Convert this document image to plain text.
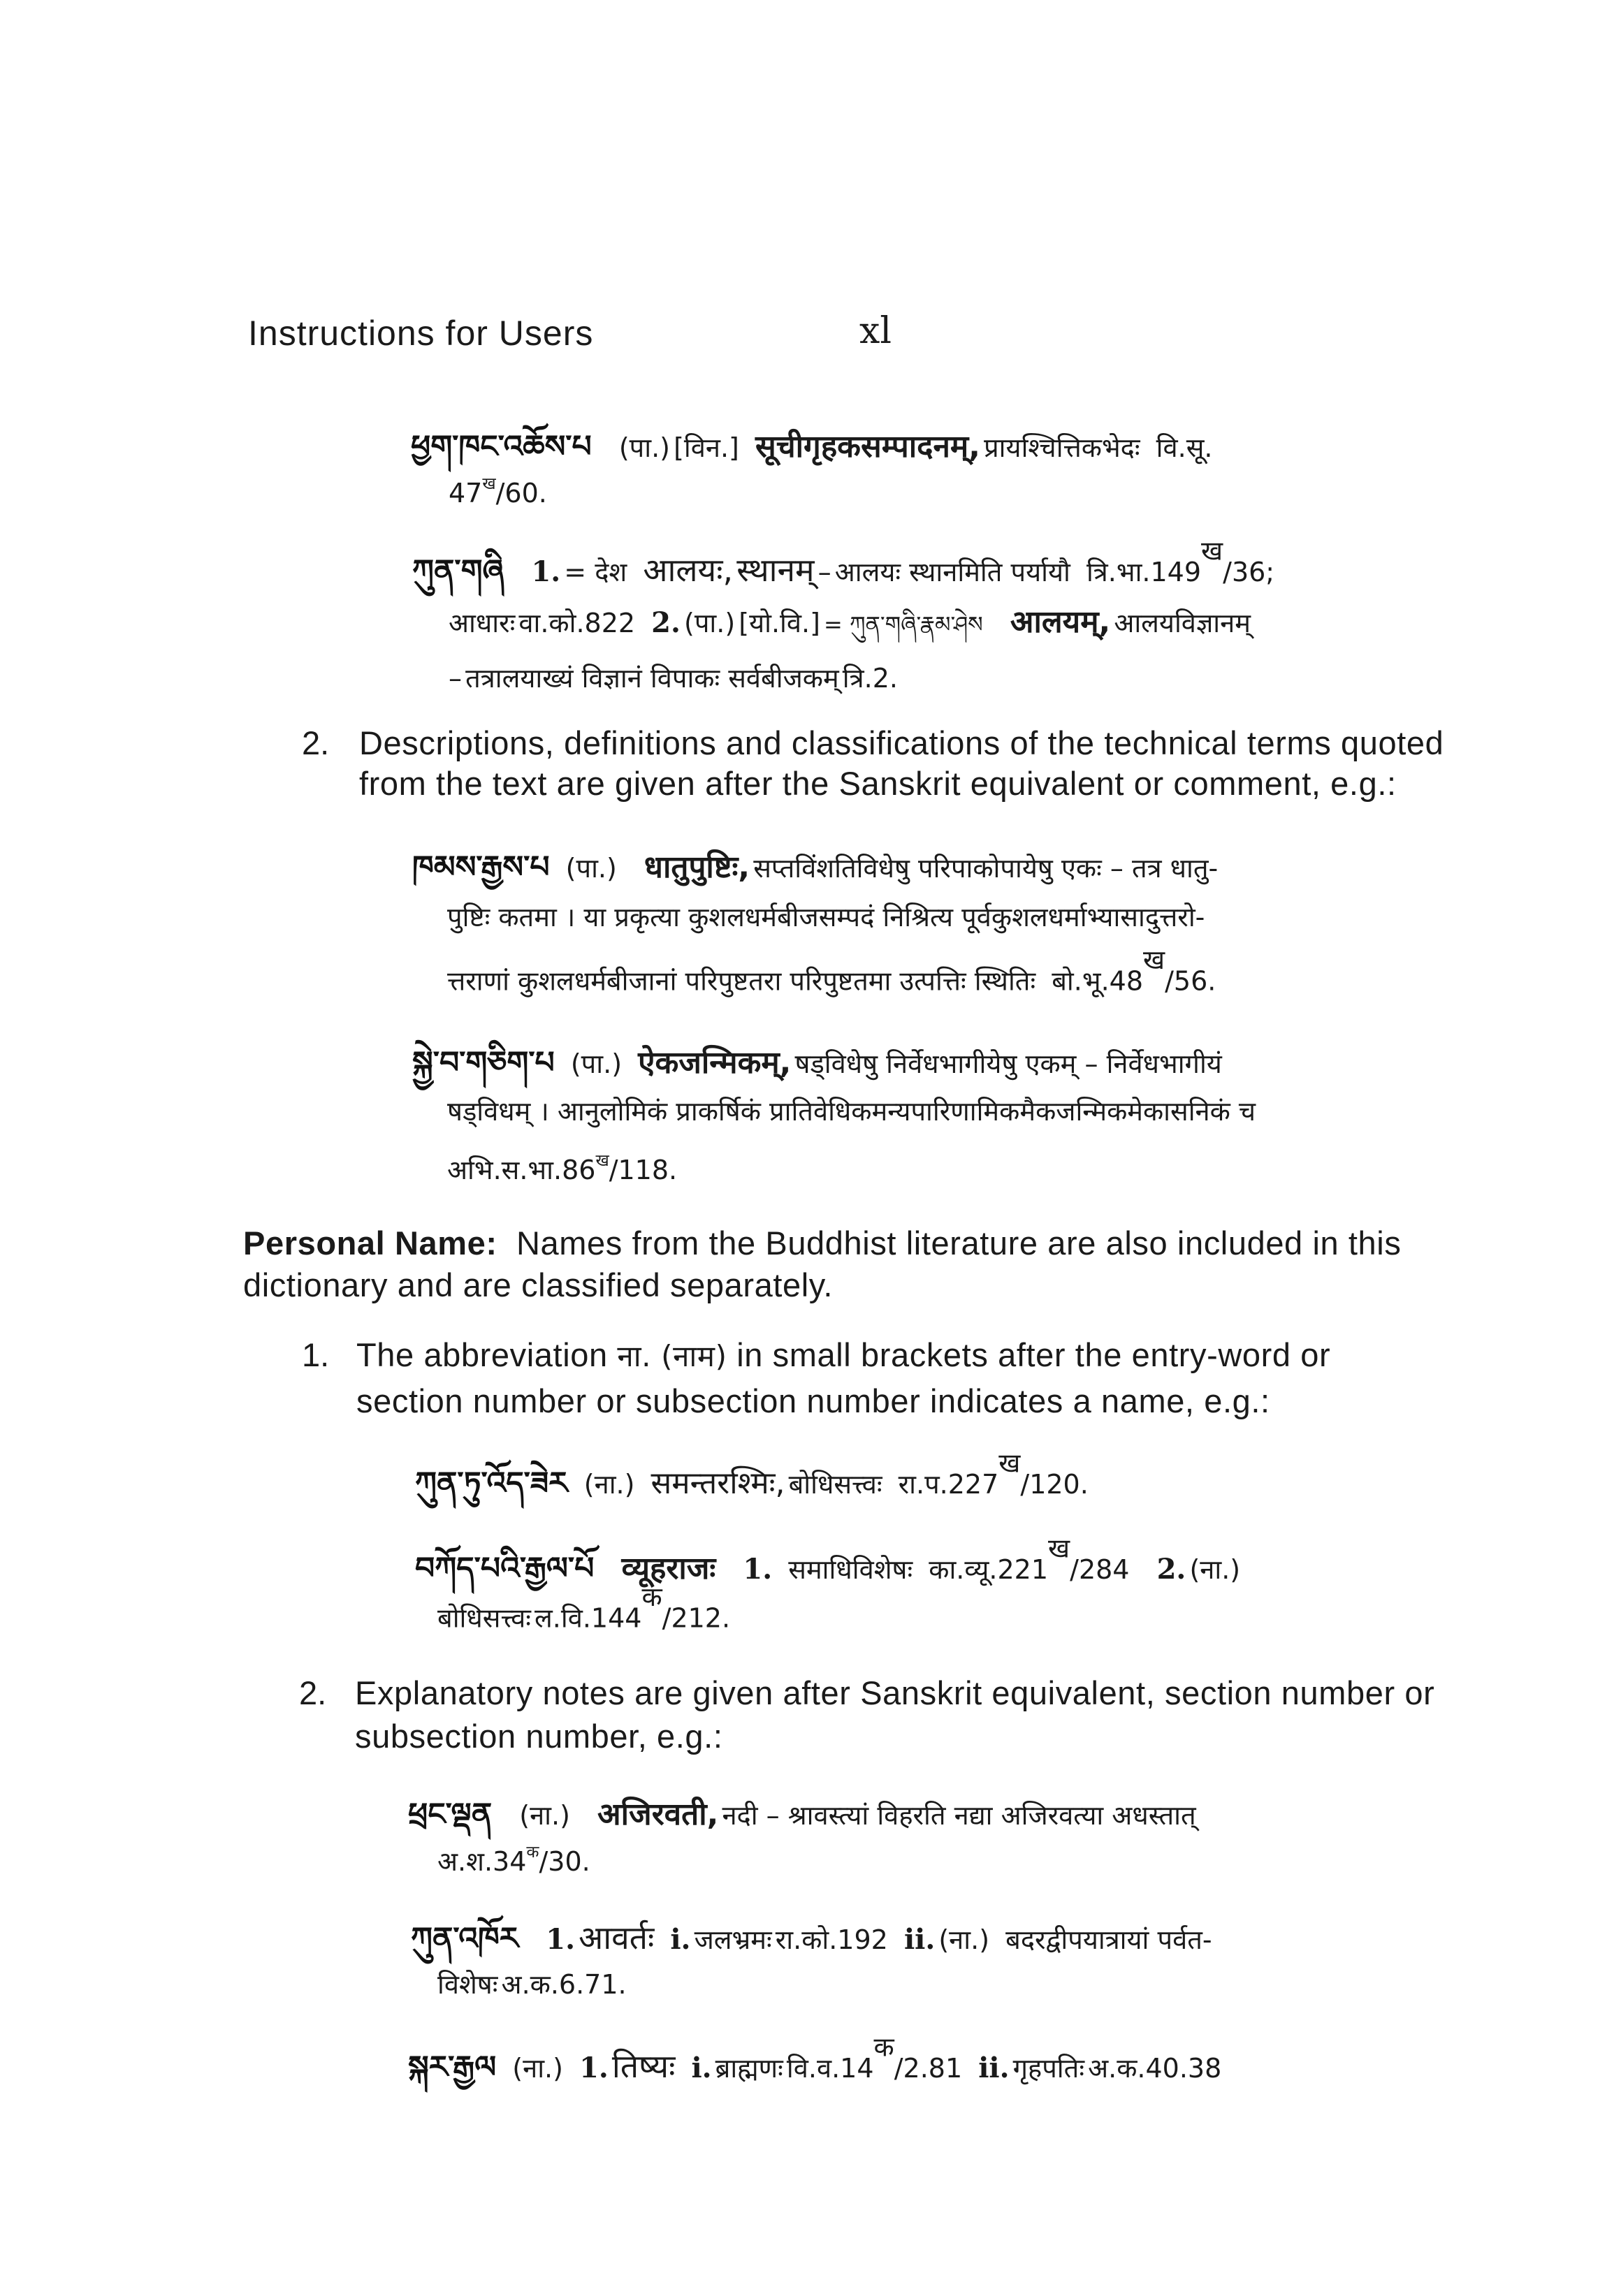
Instructions for Users	xl
ཕྱག་ཁང་འཆོས་པ (पा.) [विन.] सूचीगृहकसम्पादनम्, प्रायश्चित्तिकभेदः वि.सू.
$47^ख/60$.
ཀུན་གཞི 1. = देश आलयः, स्थानम् – आलयः स्थानमिति पर्यायौ $त्रि.भा.149^ख/36$;
आधारः वा.को.822 2. (पा.) [यो.वि.] = ཀུན་གཞི་རྣམ་ཤེས आलयम्, आलयविज्ञानम्
– तत्रालयाख्यं विज्ञानं विपाकः सर्वबीजकम् त्रि.2.
2. Descriptions, definitions and classifications of the technical terms quoted
from the text are given after the Sanskrit equivalent or comment, e.g.:
ཁམས་རྒྱས་པ (पा.) धातुपुष्टिः, सप्तविंशतिविधेषु परिपाकोपायेषु एकः – तत्र धातु-
पुष्टिः कतमा । या प्रकृत्या कुशलधर्मबीजसम्पदं निश्रित्य पूर्वकुशलधर्माभ्यासादुत्तरो-
त्तराणां कुशलधर्मबीजानां परिपुष्टतरा परिपुष्टतमा उत्पत्तिः स्थितिः $बो.भू.48^ख/56$.
སྐྱེ་བ་གཅིག་པ (पा.) ऐकजन्मिकम्, षड्विधेषु निर्वेधभागीयेषु एकम् – निर्वेधभागीयं
षड्विधम् । आनुलोमिकं प्राकर्षिकं प्रातिवेधिकमन्यपारिणामिकमैकजन्मिकमेकासनिकं च
$अभि.स.भा.86^ख/118$.
Personal Name: Names from the Buddhist literature are also included in this
dictionary and are classified separately.
1. The abbreviation ना. (नाम) in small brackets after the entry-word or
section number or subsection number indicates a name, e.g.:
ཀུན་ཏུ་འོད་ཟེར (ना.) समन्तरश्मिः, बोधिसत्त्वः $रा.प.227^ख/120$.
བཀོད་པའི་རྒྱལ་པོ व्यूहराजः 1. समाधिविशेषः $का.व्यू.221^ख/284$ 2. (ना.)
बोधिसत्त्वः $ल.वि.144^क/212$.
2. Explanatory notes are given after Sanskrit equivalent, section number or
subsection number, e.g.:
ཕྲང་ལྡན (ना.) अजिरवती, नदी – श्रावस्त्यां विहरति नद्या अजिरवत्या अधस्तात्
$अ.श.34^क/30$.
ཀུན་འཁོར 1. आवर्तः i. जलभ्रमः रा.को.192 ii. (ना.) बदरद्वीपयात्रायां पर्वत-
विशेषः अ.क.6.71.
སྐར་རྒྱལ (ना.) 1. तिष्यः i. ब्राह्मणः $वि.व.14^क/2.81$ ii. गृहपतिः अ.क.40.38
